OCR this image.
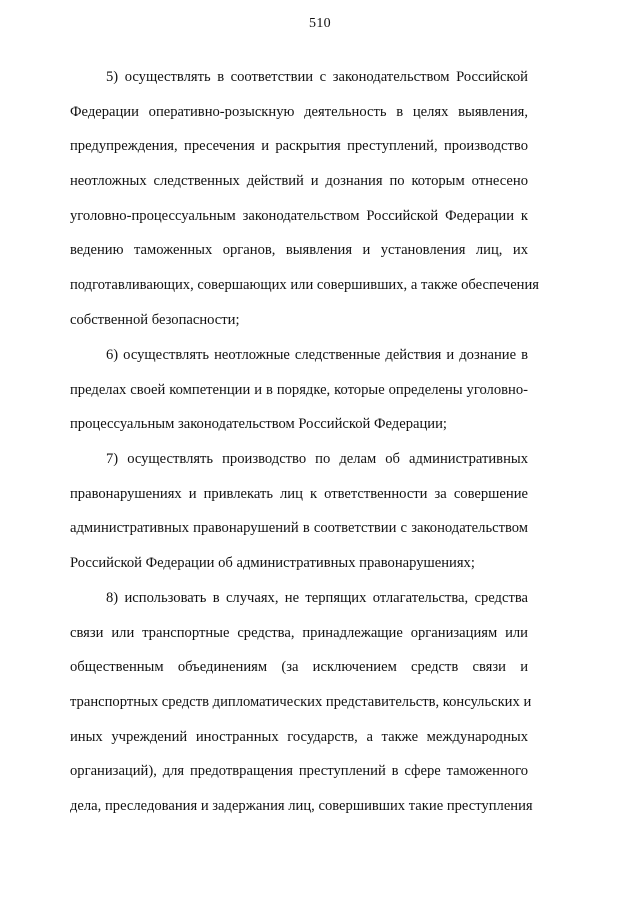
510
5) осуществлять в соответствии с законодательством Российской
Федерации оперативно-розыскную деятельность в целях выявления,
предупреждения, пресечения и раскрытия преступлений, производство
неотложных следственных действий и дознания по которым отнесено
уголовно-процессуальным законодательством Российской Федерации к
ведению таможенных органов, выявления и установления лиц, их
подготавливающих, совершающих или совершивших, а также обеспечения
собственной безопасности;
6) осуществлять неотложные следственные действия и дознание в
пределах своей компетенции и в порядке, которые определены уголовно-
процессуальным законодательством Российской Федерации;
7) осуществлять производство по делам об административных
правонарушениях и привлекать лиц к ответственности за совершение
административных правонарушений в соответствии с законодательством
Российской Федерации об административных правонарушениях;
8) использовать в случаях, не терпящих отлагательства, средства
связи или транспортные средства, принадлежащие организациям или
общественным объединениям (за исключением средств связи и
транспортных средств дипломатических представительств, консульских и
иных учреждений иностранных государств, а также международных
организаций), для предотвращения преступлений в сфере таможенного
дела, преследования и задержания лиц, совершивших такие преступления
